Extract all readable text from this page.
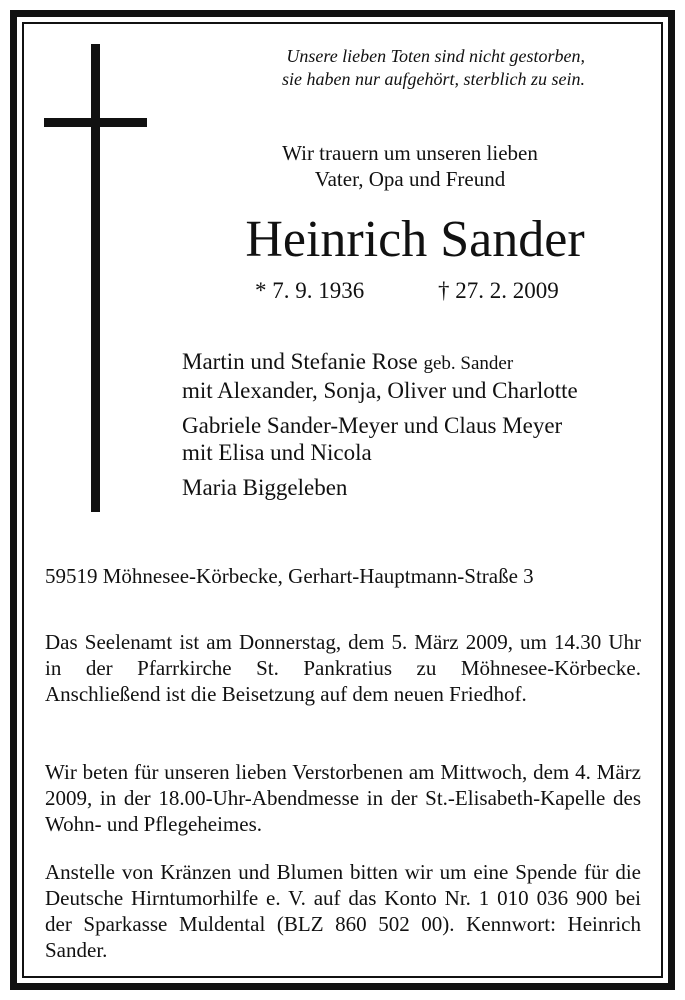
Unsere lieben Toten sind nicht gestorben,
sie haben nur aufgehört, sterblich zu sein.
Wir trauern um unseren lieben
Vater, Opa und Freund
Heinrich Sander
* 7. 9. 1936	† 27. 2. 2009
Martin und Stefanie Rose geb. Sander
mit Alexander, Sonja, Oliver und Charlotte
Gabriele Sander-Meyer und Claus Meyer
mit Elisa und Nicola
Maria Biggeleben
59519 Möhnesee-Körbecke, Gerhart-Hauptmann-Straße 3

Das Seelenamt ist am Donnerstag, dem 5. März 2009, um 14.30 Uhr in der Pfarrkirche St. Pankratius zu Möhnesee-Körbecke. Anschließend ist die Beisetzung auf dem neuen Friedhof.

Wir beten für unseren lieben Verstorbenen am Mittwoch, dem 4. März 2009, in der 18.00-Uhr-Abendmesse in der St.-Elisabeth-Kapelle des Wohn- und Pflegeheimes.

Anstelle von Kränzen und Blumen bitten wir um eine Spende für die Deutsche Hirntumorhilfe e. V. auf das Konto Nr. 1 010 036 900 bei der Sparkasse Muldental (BLZ 860 502 00). Kennwort: Heinrich Sander.
